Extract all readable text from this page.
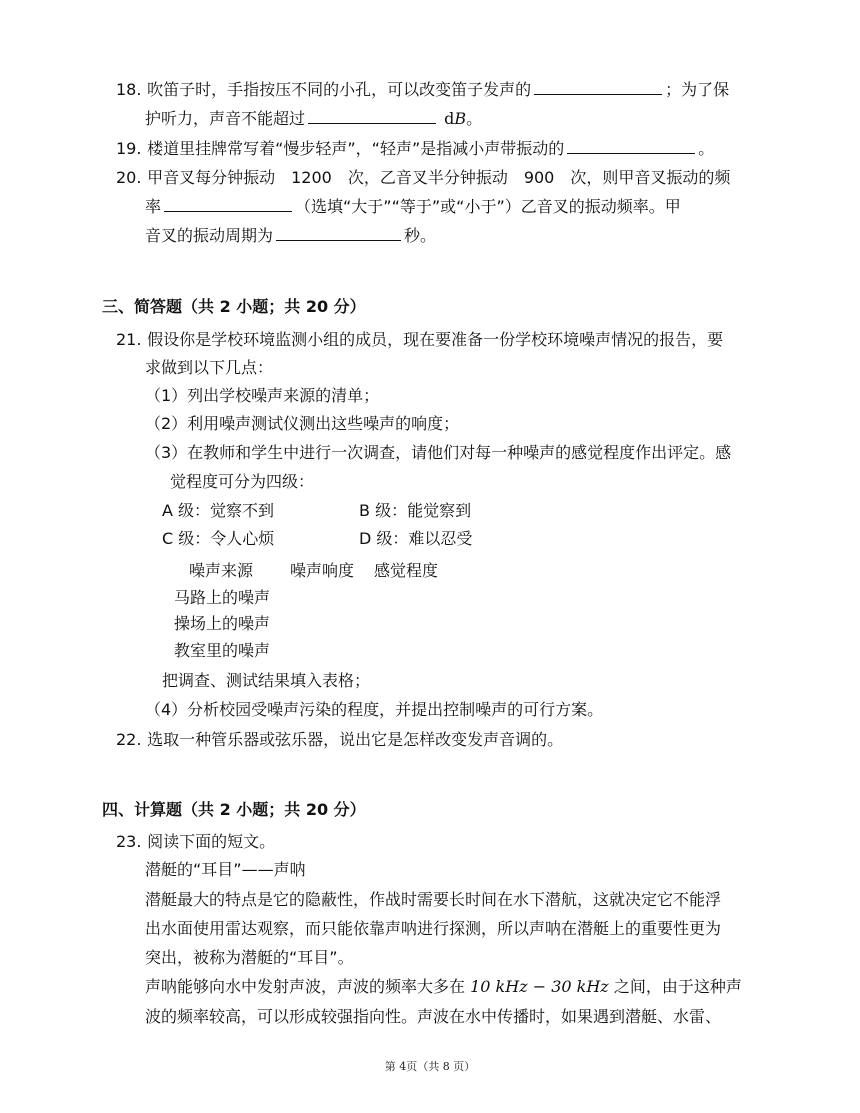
18. 吹笛子时，手指按压不同的小孔，可以改变笛子发声的	；为了保
护听力，声音不能超过	dB。
19. 楼道里挂牌常写着“慢步轻声”，“轻声”是指减小声带振动的	。
20. 甲音叉每分钟振动　1200　次，乙音叉半分钟振动　900　次，则甲音叉振动的频
率	（选填“大于”“等于”或“小于”）乙音叉的振动频率。甲
音叉的振动周期为	秒。
三、简答题（共 2 小题；共 20 分）
21. 假设你是学校环境监测小组的成员，现在要准备一份学校环境噪声情况的报告，要
求做到以下几点：
（1）列出学校噪声来源的清单；
（2）利用噪声测试仪测出这些噪声的响度；
（3）在教师和学生中进行一次调查，请他们对每一种噪声的感觉程度作出评定。感
觉程度可分为四级：
A 级：觉察不到	B 级：能觉察到
C 级：令人心烦	D 级：难以忍受
噪声来源 噪声响度 感觉程度
马路上的噪声
操场上的噪声
教室里的噪声
把调查、测试结果填入表格；
（4）分析校园受噪声污染的程度，并提出控制噪声的可行方案。
22. 选取一种管乐器或弦乐器，说出它是怎样改变发声音调的。
四、计算题（共 2 小题；共 20 分）
23. 阅读下面的短文。
潜艇的“耳目”——声呐
潜艇最大的特点是它的隐蔽性，作战时需要长时间在水下潜航，这就决定它不能浮
出水面使用雷达观察，而只能依靠声呐进行探测，所以声呐在潜艇上的重要性更为
突出，被称为潜艇的“耳目”。
声呐能够向水中发射声波，声波的频率大多在 10 kHz − 30 kHz 之间，由于这种声
波的频率较高，可以形成较强指向性。声波在水中传播时，如果遇到潜艇、水雷、
第 4页（共 8 页）
